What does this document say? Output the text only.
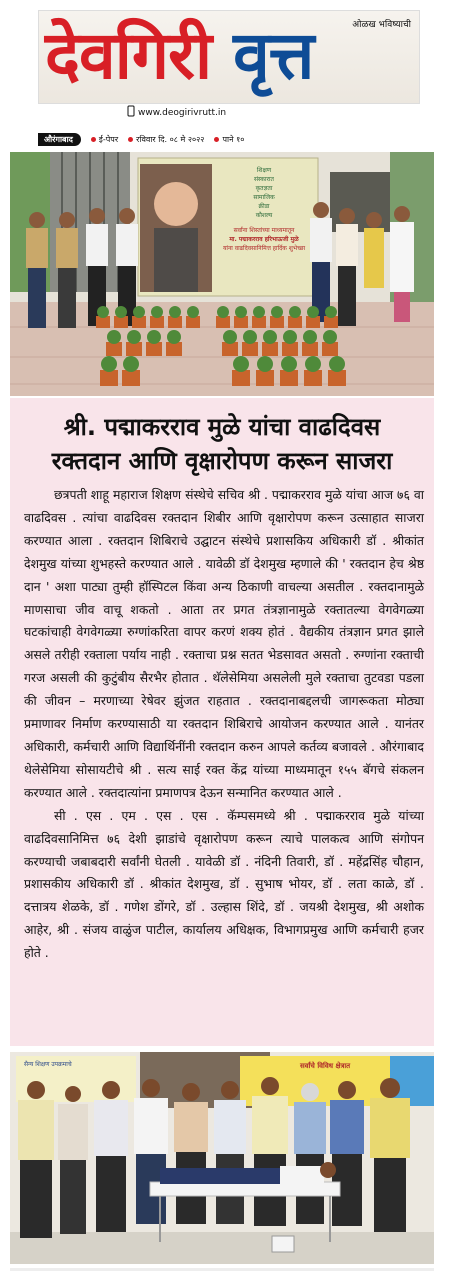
ओळख भविष्याची
देवगिरी वृत्त
www.deogirivrutt.in
औरंगाबाद	ई-पेपर रविवार दि. ०८ मे २०२२ पाने १०
शिक्षण
संस्कारात
कृतज्ञता
सामाजिक
क्रीडा
कौशल्य
सर्वांना शिस्तांच्या माध्यमातून
मा. पद्माकरराव हरिभाऊजी मुळे
यांना वाढदिवसानिमित्त हार्दिक शुभेच्छा
श्री. पद्माकरराव मुळे यांचा वाढदिवस
रक्तदान आणि वृक्षारोपण करून साजरा

छत्रपती शाहू महाराज शिक्षण संस्थेचे सचिव श्री . पद्माकरराव मुळे यांचा आज ७६ वा वाढदिवस . त्यांचा वाढदिवस रक्तदान शिबीर आणि वृक्षारोपण करून उत्साहात साजरा करण्यात आला . रक्तदान शिबिराचे उद्घाटन संस्थेचे प्रशासकिय अधिकारी डॉ . श्रीकांत देशमुख यांच्या शुभहस्ते करण्यात आले . यावेळी डॉ देशमुख म्हणाले की ' रक्तदान हेच श्रेष्ठ दान ' अशा पाट्या तुम्ही हॉस्पिटल किंवा अन्य ठिकाणी वाचल्या असतील . रक्तदानामुळे माणसाचा जीव वाचू शकतो . आता तर प्रगत तंत्रज्ञानामुळे रक्तातल्या वेगवेगळ्या घटकांचाही वेगवेगळ्या रुग्णांकरिता वापर करणं शक्य होतं . वैद्यकीय तंत्रज्ञान प्रगत झाले असले तरीही रक्ताला पर्याय नाही . रक्ताचा प्रश्न सतत भेडसावत असतो . रुग्णांना रक्ताची गरज असली की कुटुंबीय सैरभैर होतात . थॅलेसेमिया असलेली मुले रक्ताचा तुटवडा पडला की जीवन – मरणाच्या रेषेवर झुंजत राहतात . रक्तदानाबद्दलची जागरूकता मोठ्या प्रमाणावर निर्माण करण्यासाठी या रक्तदान शिबिराचे आयोजन करण्यात आले . यानंतर अधिकारी, कर्मचारी आणि विद्यार्थिनींनी रक्तदान करुन आपले कर्तव्य बजावले . औरंगाबाद थेलेसेमिया सोसायटीचे श्री . सत्य साई रक्त केंद्र यांच्या माध्यमातून १५५ बॅगचे संकलन करण्यात आले . रक्तदात्यांना प्रमाणपत्र देऊन सन्मानित करण्यात आले .

सी . एस . एम . एस . एस . कॅम्पसमध्ये श्री . पद्माकरराव मुळे यांच्या वाढदिवसानिमित्त ७६ देशी झाडांचे वृक्षारोपण करून त्याचे पालकत्व आणि संगोपन करण्याची जबाबदारी सर्वांनी घेतली . यावेळी डॉ . नंदिनी तिवारी, डॉ . महेंद्रसिंह चौहान, प्रशासकीय अधिकारी डॉ . श्रीकांत देशमुख, डॉ . सुभाष भोयर, डॉ . लता काळे, डॉ . दत्तात्रय शेळके, डॉ . गणेश डोंगरे, डॉ . उल्हास शिंदे, डॉ . जयश्री देशमुख, श्री अशोक आहेर, श्री . संजय वाळुंज पाटील, कार्यालय अधिक्षक, विभागप्रमुख आणि कर्मचारी हजर होते .

सैन्य शिक्षण उपक्रमाचे	सर्वांचे विविध क्षेत्रात
